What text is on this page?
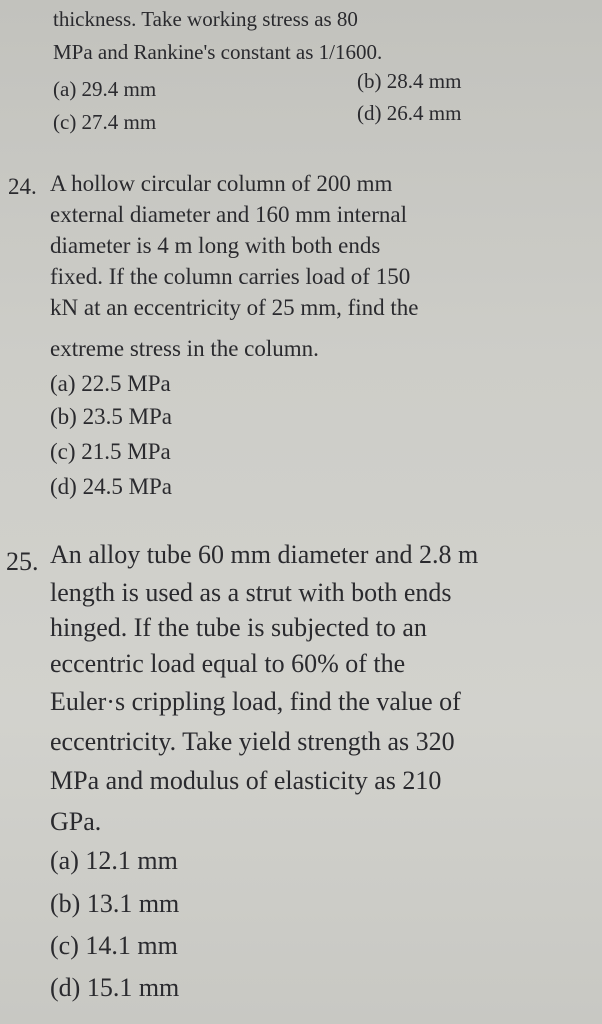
thickness. Take working stress as 80
MPa and Rankine's constant as 1/1600.
(a) 29.4 mm	(b) 28.4 mm
(c) 27.4 mm	(d) 26.4 mm
24. A hollow circular column of 200 mm
external diameter and 160 mm internal
diameter is 4 m long with both ends
fixed. If the column carries load of 150
kN at an eccentricity of 25 mm, find the
extreme stress in the column.
(a) 22.5 MPa
(b) 23.5 MPa
(c) 21.5 MPa
(d) 24.5 MPa
25. An alloy tube 60 mm diameter and 2.8 m
length is used as a strut with both ends
hinged. If the tube is subjected to an
eccentric load equal to 60% of the
Euler·s crippling load, find the value of
eccentricity. Take yield strength as 320
MPa and modulus of elasticity as 210
GPa.
(a) 12.1 mm
(b) 13.1 mm
(c) 14.1 mm
(d) 15.1 mm
